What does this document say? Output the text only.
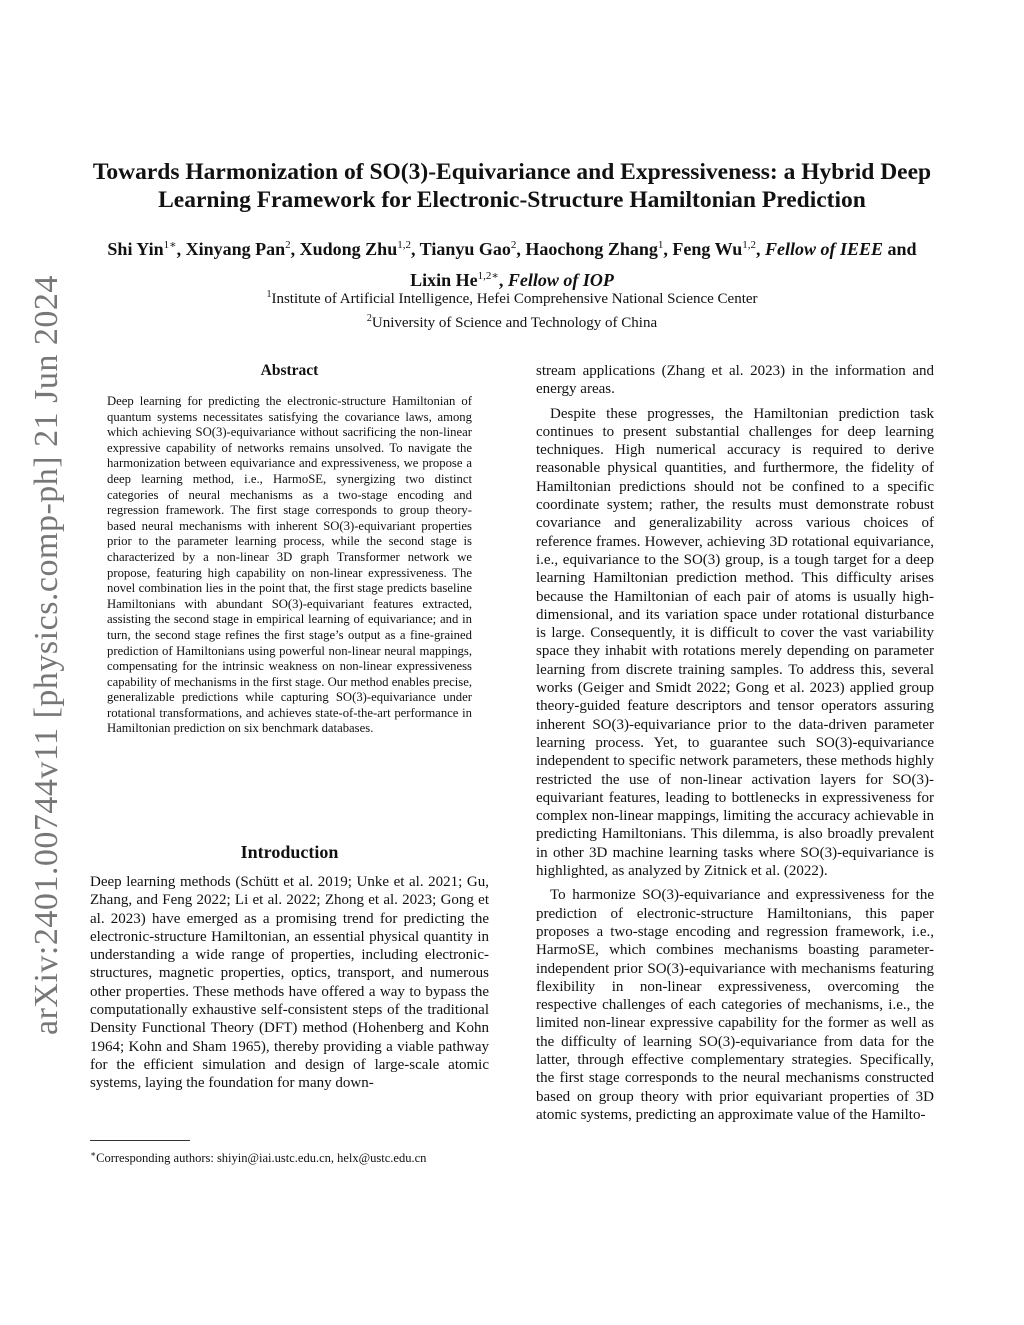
arXiv:2401.00744v11 [physics.comp-ph] 21 Jun 2024
Towards Harmonization of SO(3)-Equivariance and Expressiveness: a Hybrid Deep Learning Framework for Electronic-Structure Hamiltonian Prediction
Shi Yin$^{1∗}$, Xinyang Pan$^2$, Xudong Zhu$^{1,2}$, Tianyu Gao$^2$, Haochong Zhang$^1$, Feng Wu$^{1,2}$, Fellow of IEEE and Lixin $He^{1,2∗}$, Fellow of IOP
$^1$Institute of Artificial Intelligence, Hefei Comprehensive National Science Center
$^2$University of Science and Technology of China
Abstract

Deep learning for predicting the electronic-structure Hamiltonian of quantum systems necessitates satisfying the covariance laws, among which achieving SO(3)-equivariance without sacrificing the non-linear expressive capability of networks remains unsolved. To navigate the harmonization between equivariance and expressiveness, we propose a deep learning method, i.e., HarmoSE, synergizing two distinct categories of neural mechanisms as a two-stage encoding and regression framework. The first stage corresponds to group theory-based neural mechanisms with inherent SO(3)-equivariant properties prior to the parameter learning process, while the second stage is characterized by a non-linear 3D graph Transformer network we propose, featuring high capability on non-linear expressiveness. The novel combination lies in the point that, the first stage predicts baseline Hamiltonians with abundant SO(3)-equivariant features extracted, assisting the second stage in empirical learning of equivariance; and in turn, the second stage refines the first stage’s output as a fine-grained prediction of Hamiltonians using powerful non-linear neural mappings, compensating for the intrinsic weakness on non-linear expressiveness capability of mechanisms in the first stage. Our method enables precise, generalizable predictions while capturing SO(3)-equivariance under rotational transformations, and achieves state-of-the-art performance in Hamiltonian prediction on six benchmark databases.

Introduction

Deep learning methods (Schütt et al. 2019; Unke et al. 2021; Gu, Zhang, and Feng 2022; Li et al. 2022; Zhong et al. 2023; Gong et al. 2023) have emerged as a promising trend for predicting the electronic-structure Hamiltonian, an essential physical quantity in understanding a wide range of properties, including electronic-structures, magnetic properties, optics, transport, and numerous other properties. These methods have offered a way to bypass the computationally exhaustive self-consistent steps of the traditional Density Functional Theory (DFT) method (Hohenberg and Kohn 1964; Kohn and Sham 1965), thereby providing a viable pathway for the efficient simulation and design of large-scale atomic systems, laying the foundation for many down-

∗Corresponding authors: shiyin@iai.ustc.edu.cn, helx@ustc.edu.cn

stream applications (Zhang et al. 2023) in the information and energy areas.

Despite these progresses, the Hamiltonian prediction task continues to present substantial challenges for deep learning techniques. High numerical accuracy is required to derive reasonable physical quantities, and furthermore, the fidelity of Hamiltonian predictions should not be confined to a specific coordinate system; rather, the results must demonstrate robust covariance and generalizability across various choices of reference frames. However, achieving 3D rotational equivariance, i.e., equivariance to the SO(3) group, is a tough target for a deep learning Hamiltonian prediction method. This difficulty arises because the Hamiltonian of each pair of atoms is usually high-dimensional, and its variation space under rotational disturbance is large. Consequently, it is difficult to cover the vast variability space they inhabit with rotations merely depending on parameter learning from discrete training samples. To address this, several works (Geiger and Smidt 2022; Gong et al. 2023) applied group theory-guided feature descriptors and tensor operators assuring inherent SO(3)-equivariance prior to the data-driven parameter learning process. Yet, to guarantee such SO(3)-equivariance independent to specific network parameters, these methods highly restricted the use of non-linear activation layers for SO(3)-equivariant features, leading to bottlenecks in expressiveness for complex non-linear mappings, limiting the accuracy achievable in predicting Hamiltonians. This dilemma, is also broadly prevalent in other 3D machine learning tasks where SO(3)-equivariance is highlighted, as analyzed by Zitnick et al. (2022).

To harmonize SO(3)-equivariance and expressiveness for the prediction of electronic-structure Hamiltonians, this paper proposes a two-stage encoding and regression framework, i.e., HarmoSE, which combines mechanisms boasting parameter-independent prior SO(3)-equivariance with mechanisms featuring flexibility in non-linear expressiveness, overcoming the respective challenges of each categories of mechanisms, i.e., the limited non-linear expressive capability for the former as well as the difficulty of learning SO(3)-equivariance from data for the latter, through effective complementary strategies. Specifically, the first stage corresponds to the neural mechanisms constructed based on group theory with prior equivariant properties of 3D atomic systems, predicting an approximate value of the Hamilto-
